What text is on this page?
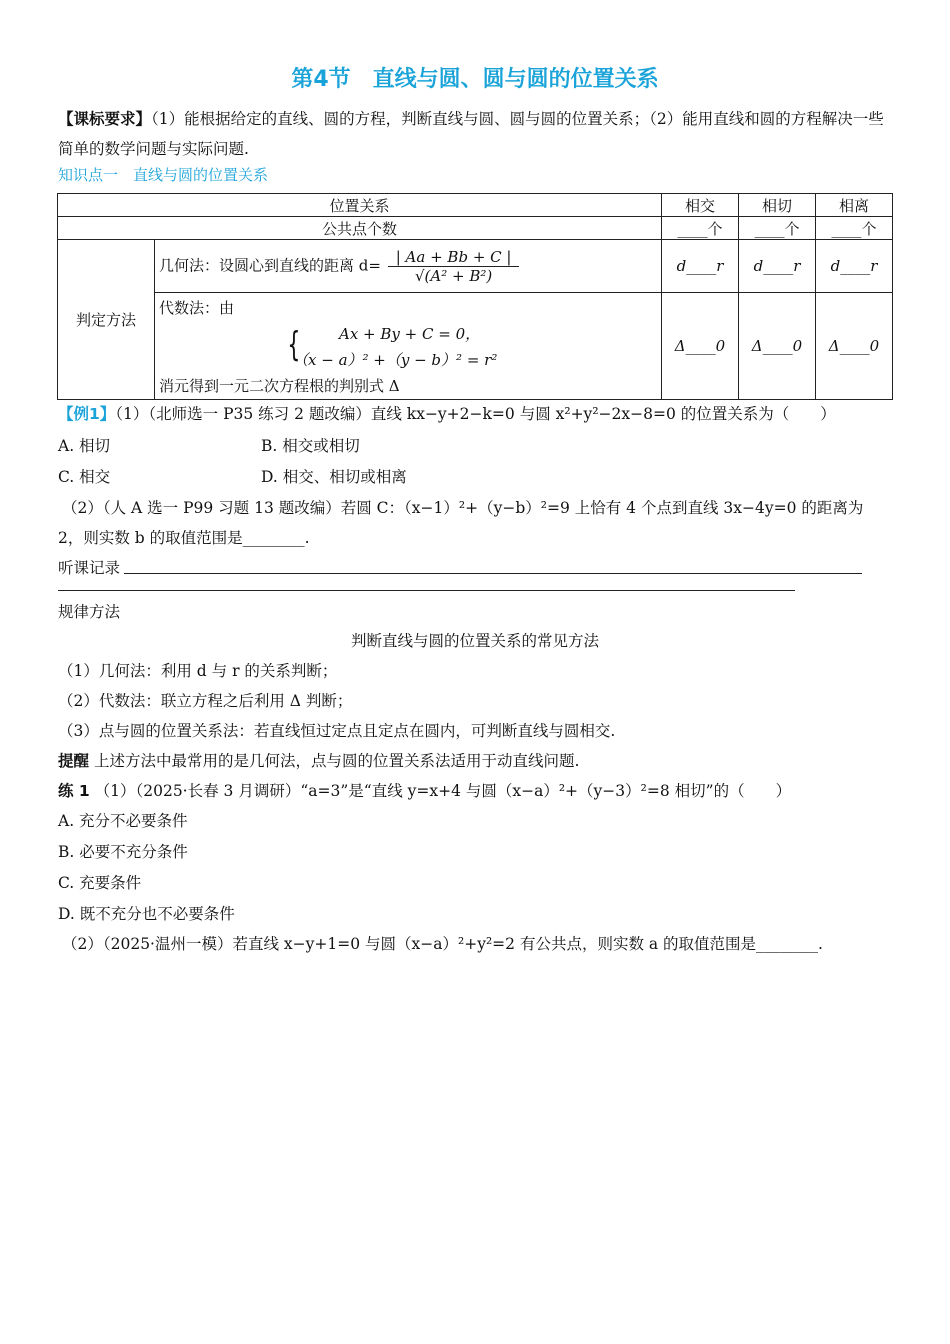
第4节　直线与圆、圆与圆的位置关系
【课标要求】（1）能根据给定的直线、圆的方程，判断直线与圆、圆与圆的位置关系；（2）能用直线和圆的方程解决一些简单的数学问题与实际问题.
知识点一　直线与圆的位置关系
位置关系		相交	相切	相离
公共点个数		____个	____个	____个
判定方法	几何法：设圆心到直线的距离 $d= \frac{| Aa + Bb + C |}{\text{√(A² + B²)}}$	d____r	d____r	d____r

	代数法：由
{ Ax + By + C = 0，
（x − a）² +（y − b）² = r²
消元得到一元二次方程根的判别式 Δ	Δ____0	Δ____0	Δ____0
【例1】（1）（北师选一 P35 练习 2 题改编）直线 kx−y+2−k=0 与圆 x²+y²−2x−8=0 的位置关系为（　　）
A. 相切	B. 相交或相切
C. 相交	D. 相交、相切或相离
（2）（人 A 选一 P99 习题 13 题改编）若圆 C：（x−1）²+（y−b）²=9 上恰有 4 个点到直线 3x−4y=0 的距离为
2，则实数 b 的取值范围是________.
听课记录
规律方法
判断直线与圆的位置关系的常见方法
（1）几何法：利用 d 与 r 的关系判断；
（2）代数法：联立方程之后利用 Δ 判断；
（3）点与圆的位置关系法：若直线恒过定点且定点在圆内，可判断直线与圆相交.
提醒 上述方法中最常用的是几何法，点与圆的位置关系法适用于动直线问题.
练 1 （1）（2025·长春 3 月调研）“a=3”是“直线 y=x+4 与圆（x−a）²+（y−3）²=8 相切”的（　　）
A. 充分不必要条件
B. 必要不充分条件
C. 充要条件
D. 既不充分也不必要条件
（2）（2025·温州一模）若直线 x−y+1=0 与圆（x−a）²+y²=2 有公共点，则实数 a 的取值范围是________.
